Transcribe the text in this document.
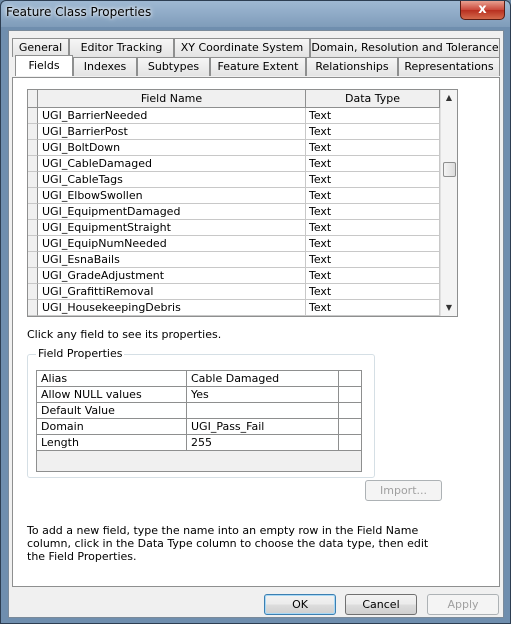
Feature Class Properties	x
General	Editor Tracking	XY Coordinate System Domain, Resolution and Tolerance
Fields	Indexes	Subtypes	Feature Extent	Relationships	Representations
Field Name	Data Type
UGI_BarrierNeeded	Text
UGI_BarrierPost	Text
UGI_BoltDown	Text
UGI_CableDamaged	Text
UGI_CableTags	Text
UGI_ElbowSwollen	Text
UGI_EquipmentDamaged	Text
UGI_EquipmentStraight	Text
UGI_EquipNumNeeded	Text
UGI_EsnaBails	Text
UGI_GradeAdjustment	Text
UGI_GrafittiRemoval	Text
UGI_HousekeepingDebris	Text
▲
▼
Click any field to see its properties.
Field Properties
Alias	Cable Damaged
Allow NULL values	Yes
Default Value
Domain	UGI_Pass_Fail
Length	255
Import...
To add a new field, type the name into an empty row in the Field Name column, click in the Data Type column to choose the data type, then edit the Field Properties.
OK	Cancel	Apply
